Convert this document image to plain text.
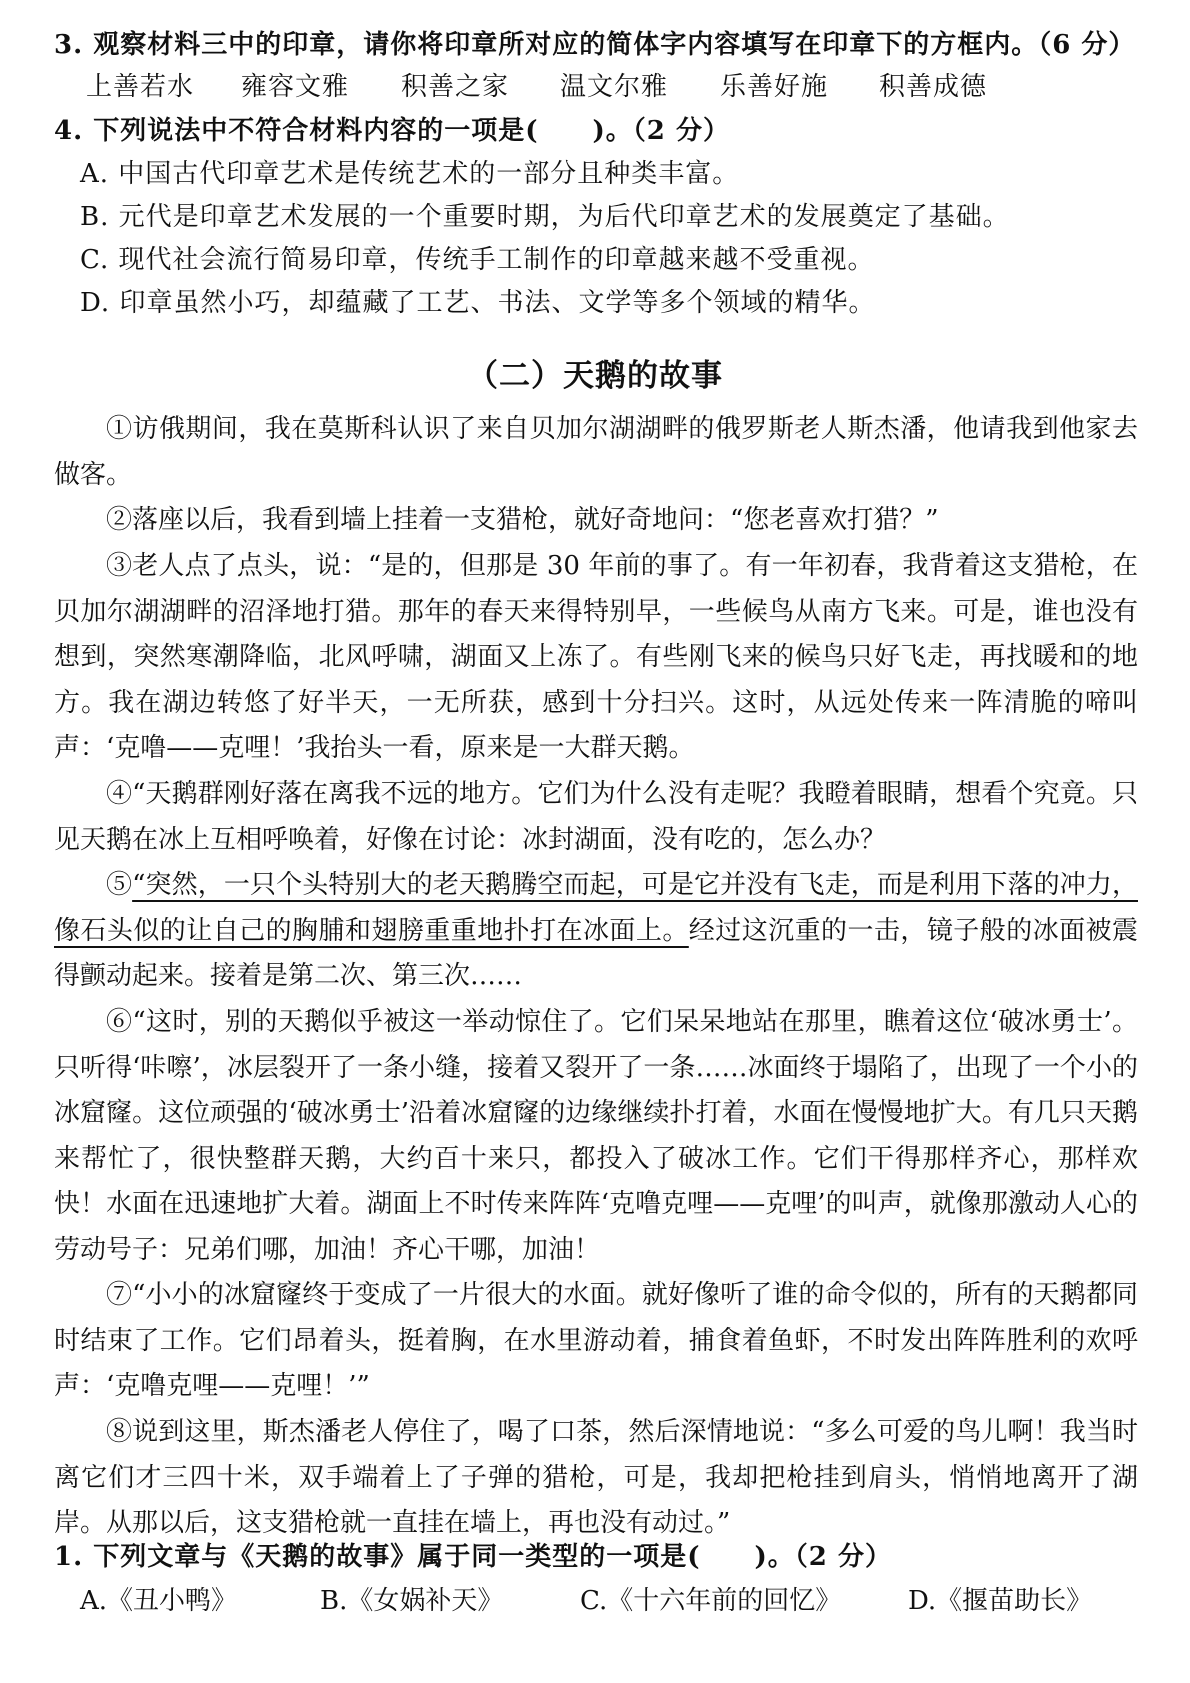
3. 观察材料三中的印章，请你将印章所对应的简体字内容填写在印章下的方框内。（6 分）
上善若水 雍容文雅 积善之家 温文尔雅 乐善好施 积善成德
4. 下列说法中不符合材料内容的一项是(　　)。（2 分）
A. 中国古代印章艺术是传统艺术的一部分且种类丰富。
B. 元代是印章艺术发展的一个重要时期，为后代印章艺术的发展奠定了基础。
C. 现代社会流行简易印章，传统手工制作的印章越来越不受重视。
D. 印章虽然小巧，却蕴藏了工艺、书法、文学等多个领域的精华。
（二）天鹅的故事
①访俄期间，我在莫斯科认识了来自贝加尔湖湖畔的俄罗斯老人斯杰潘，他请我到他家去做客。
②落座以后，我看到墙上挂着一支猎枪，就好奇地问：“您老喜欢打猎？”
③老人点了点头，说：“是的，但那是 30 年前的事了。有一年初春，我背着这支猎枪，在贝加尔湖湖畔的沼泽地打猎。那年的春天来得特别早，一些候鸟从南方飞来。可是，谁也没有想到，突然寒潮降临，北风呼啸，湖面又上冻了。有些刚飞来的候鸟只好飞走，再找暖和的地方。我在湖边转悠了好半天，一无所获，感到十分扫兴。这时，从远处传来一阵清脆的啼叫声：‘克噜——克哩！’我抬头一看，原来是一大群天鹅。
④“天鹅群刚好落在离我不远的地方。它们为什么没有走呢？我瞪着眼睛，想看个究竟。只见天鹅在冰上互相呼唤着，好像在讨论：冰封湖面，没有吃的，怎么办？
⑤“突然，一只个头特别大的老天鹅腾空而起，可是它并没有飞走，而是利用下落的冲力，像石头似的让自己的胸脯和翅膀重重地扑打在冰面上。经过这沉重的一击，镜子般的冰面被震得颤动起来。接着是第二次、第三次……
⑥“这时，别的天鹅似乎被这一举动惊住了。它们呆呆地站在那里，瞧着这位‘破冰勇士’。只听得‘咔嚓’，冰层裂开了一条小缝，接着又裂开了一条……冰面终于塌陷了，出现了一个小的冰窟窿。这位顽强的‘破冰勇士’沿着冰窟窿的边缘继续扑打着，水面在慢慢地扩大。有几只天鹅来帮忙了，很快整群天鹅，大约百十来只，都投入了破冰工作。它们干得那样齐心，那样欢快！水面在迅速地扩大着。湖面上不时传来阵阵‘克噜克哩——克哩’的叫声，就像那激动人心的劳动号子：兄弟们哪，加油！齐心干哪，加油！
⑦“小小的冰窟窿终于变成了一片很大的水面。就好像听了谁的命令似的，所有的天鹅都同时结束了工作。它们昂着头，挺着胸，在水里游动着，捕食着鱼虾，不时发出阵阵胜利的欢呼声：‘克噜克哩——克哩！’”
⑧说到这里，斯杰潘老人停住了，喝了口茶，然后深情地说：“多么可爱的鸟儿啊！我当时离它们才三四十米，双手端着上了子弹的猎枪，可是，我却把枪挂到肩头，悄悄地离开了湖岸。从那以后，这支猎枪就一直挂在墙上，再也没有动过。”
1. 下列文章与《天鹅的故事》属于同一类型的一项是(　　)。（2 分）
A.《丑小鸭》	B.《女娲补天》	C.《十六年前的回忆》	D.《揠苗助长》
